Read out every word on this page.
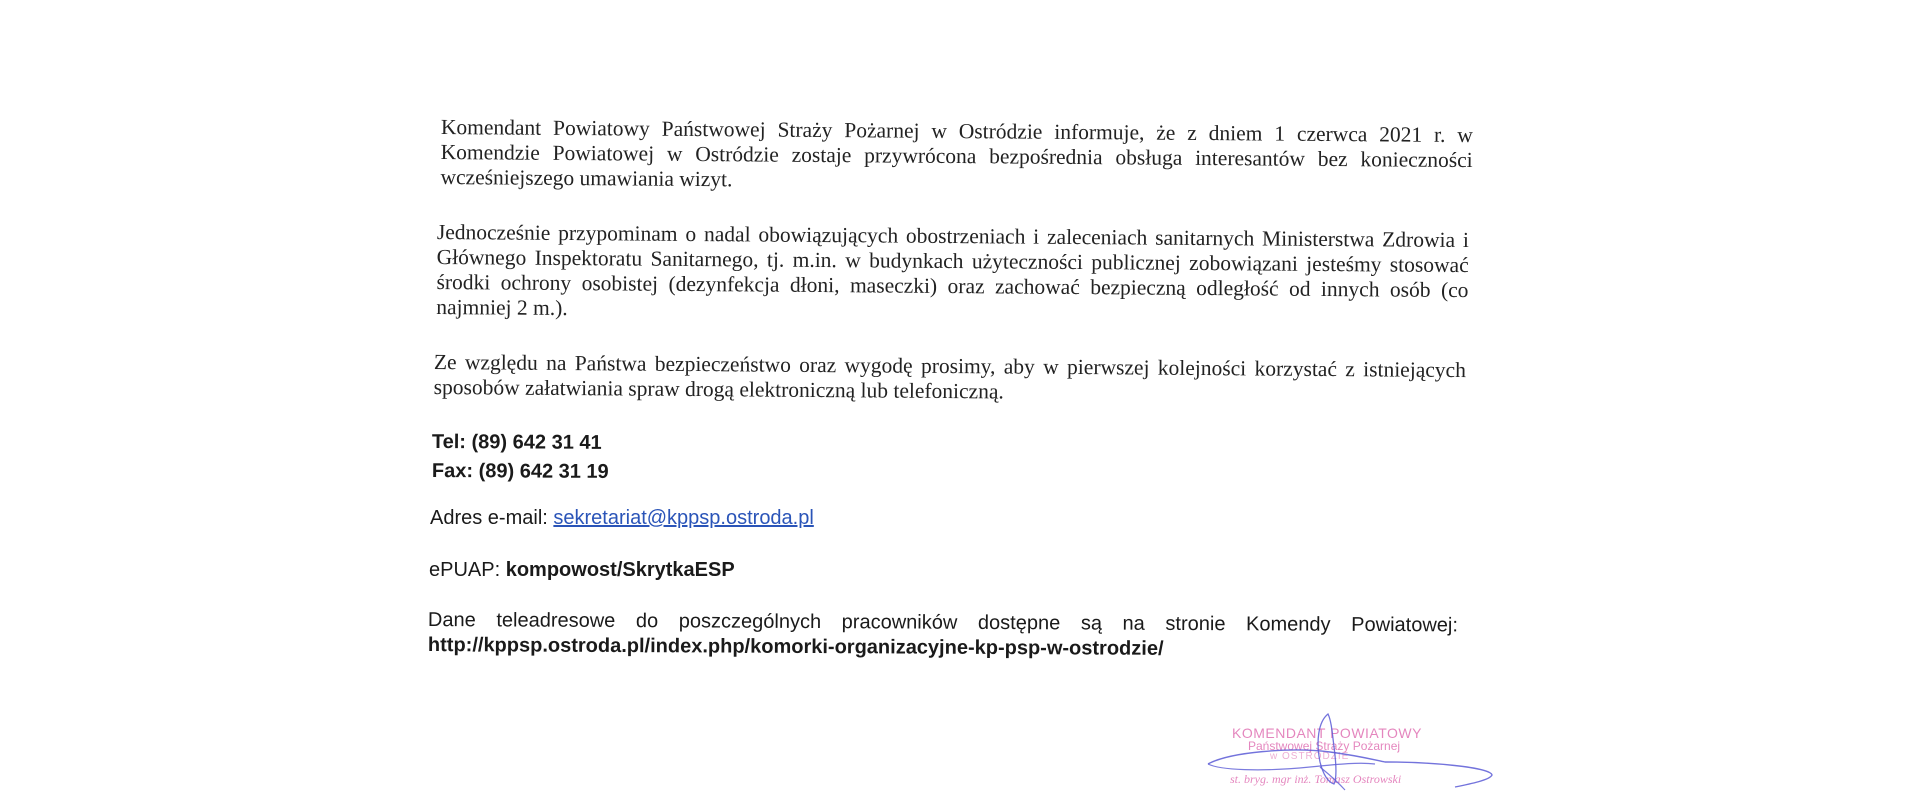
Komendant Powiatowy Państwowej Straży Pożarnej w Ostródzie informuje, że z dniem 1 czerwca 2021 r. w Komendzie Powiatowej w Ostródzie zostaje przywrócona bezpośrednia obsługa interesantów bez konieczności wcześniejszego umawiania wizyt.

Jednocześnie przypominam o nadal obowiązujących obostrzeniach i zaleceniach sanitarnych Ministerstwa Zdrowia i Głównego Inspektoratu Sanitarnego, tj. m.in. w budynkach użyteczności publicznej zobowiązani jesteśmy stosować środki ochrony osobistej (dezynfekcja dłoni, maseczki) oraz zachować bezpieczną odległość od innych osób (co najmniej 2 m.).

Ze względu na Państwa bezpieczeństwo oraz wygodę prosimy, aby w pierwszej kolejności korzystać z istniejących sposobów załatwiania spraw drogą elektroniczną lub telefoniczną.

Tel: (89) 642 31 41
Fax: (89) 642 31 19
Adres e-mail: sekretariat@kppsp.ostroda.pl
ePUAP: kompowost/SkrytkaESP
Dane teleadresowe do poszczególnych pracowników dostępne są na stronie Komendy Powiatowej:
http://kppsp.ostroda.pl/index.php/komorki-organizacyjne-kp-psp-w-ostrodzie/
KOMENDANT POWIATOWY
Państwowej Straży Pożarnej
w OSTRÓDZIE
st. bryg. mgr inż. Tomasz Ostrowski
